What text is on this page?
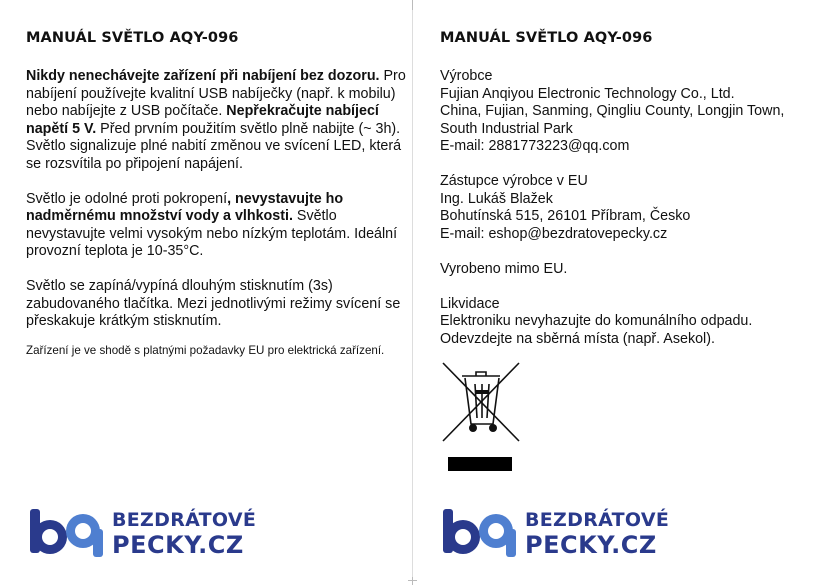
MANUÁL SVĚTLO AQY-096

Nikdy nenechávejte zařízení při nabíjení bez dozoru. Pro nabíjení používejte kvalitní USB nabíječky (např. k mobilu) nebo nabíjejte z USB počítače. Nepřekračujte nabíjecí napětí 5 V. Před prvním použitím světlo plně nabijte (~ 3h). Světlo signalizuje plné nabití změnou ve svícení LED, která se rozsvítila po připojení napájení.

Světlo je odolné proti pokropení, nevystavujte ho nadměrnému množství vody a vlhkosti. Světlo nevystavujte velmi vysokým nebo nízkým teplotám. Ideální provozní teplota je 10-35°C.

Světlo se zapíná/vypíná dlouhým stisknutím (3s) zabudovaného tlačítka. Mezi jednotlivými režimy svícení se přeskakuje krátkým stisknutím.

Zařízení je ve shodě s platnými požadavky EU pro elektrická zařízení.

BEZDRÁTOVÉ

PECKY.CZ

MANUÁL SVĚTLO AQY-096
Výrobce
Fujian Anqiyou Electronic Technology Co., Ltd.
China, Fujian, Sanming, Qingliu County, Longjin Town,
South Industrial Park
E-mail: 2881773223@qq.com
Zástupce výrobce v EU
Ing. Lukáš Blažek
Bohutínská 515, 26101 Příbram, Česko
E-mail: eshop@bezdratovepecky.cz
Vyrobeno mimo EU.
Likvidace
Elektroniku nevyhazujte do komunálního odpadu.
Odevzdejte na sběrná místa (např. Asekol).

BEZDRÁTOVÉ

PECKY.CZ
